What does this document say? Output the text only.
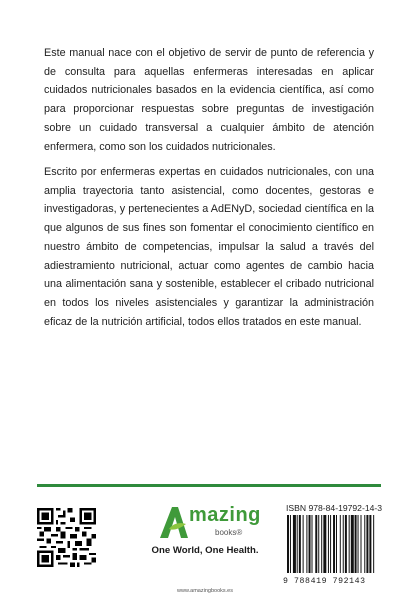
Este manual nace con el objetivo de servir de punto de referencia y de consulta para aquellas enfermeras interesadas en aplicar cuidados nutricionales basados en la evidencia científica, así como para proporcionar respuestas sobre preguntas de investigación sobre un cuidado transversal a cualquier ámbito de atención enfermera, como son los cuidados nutricionales.

Escrito por enfermeras expertas en cuidados nutricionales, con una amplia trayectoria tanto asistencial, como docentes, gestoras e investigadoras, y pertenecientes a AdENyD, sociedad científica en la que algunos de sus fines son fomentar el conocimiento científico en nuestro ámbito de competencias, impulsar la salud a través del adiestramiento nutricional, actuar como agentes de cambio hacia una alimentación sana y sostenible, establecer el cribado nutricional en todos los niveles asistenciales y garantizar la administración eficaz de la nutrición artificial, todos ellos tratados en este manual.

mazing
books®
One World, One Health.
www.amazingbooks.es
ISBN 978-84-19792-14-3
9 788419 792143
